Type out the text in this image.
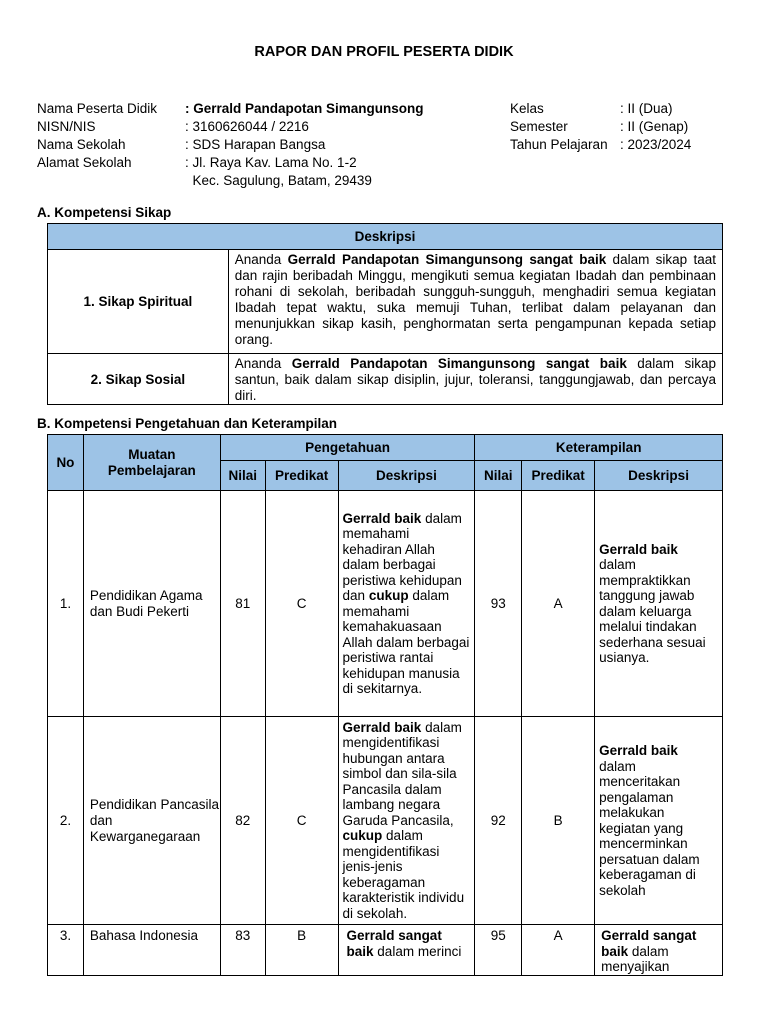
RAPOR DAN PROFIL PESERTA DIDIK
Nama Peserta Didik	: Gerrald Pandapotan Simangunsong
NISN/NIS	: 3160626044 / 2216
Nama Sekolah	: SDS Harapan Bangsa
Alamat Sekolah	: Jl. Raya Kav. Lama No. 1-2
Kec. Sagulung, Batam, 29439
Kelas	: II (Dua)
Semester	: II (Genap)
Tahun Pelajaran : 2023/2024
A. Kompetensi Sikap
Deskripsi	
1. Sikap Spiritual	Ananda Gerrald Pandapotan Simangunsong sangat baik dalam sikap taat dan rajin beribadah Minggu, mengikuti semua kegiatan Ibadah dan pembinaan rohani di sekolah, beribadah sungguh-sungguh, menghadiri semua kegiatan Ibadah tepat waktu, suka memuji Tuhan, terlibat dalam pelayanan dan menunjukkan sikap kasih, penghormatan serta pengampunan kepada setiap orang.
2. Sikap Sosial	Ananda Gerrald Pandapotan Simangunsong sangat baik dalam sikap santun, baik dalam sikap disiplin, jujur, toleransi, tanggungjawab, dan percaya diri.
B. Kompetensi Pengetahuan dan Keterampilan
No	Muatan Pembelajaran	Pengetahuan			Keterampilan		
		Nilai	Predikat	Deskripsi	Nilai	Predikat	Deskripsi
1.	Pendidikan Agama dan Budi Pekerti	81	C	Gerrald baik dalam memahami kehadiran Allah dalam berbagai peristiwa kehidupan dan cukup dalam memahami kemahakuasaan Allah dalam berbagai peristiwa rantai kehidupan manusia di sekitarnya.	93	A	Gerrald baik dalam mempraktikkan tanggung jawab dalam keluarga melalui tindakan sederhana sesuai usianya.
2.	Pendidikan Pancasila dan Kewarganegaraan	82	C	Gerrald baik dalam mengidentifikasi hubungan antara simbol dan sila-sila Pancasila dalam lambang negara Garuda Pancasila, cukup dalam mengidentifikasi jenis-jenis keberagaman karakteristik individu di sekolah.	92	B	Gerrald baik dalam menceritakan pengalaman melakukan kegiatan yang mencerminkan persatuan dalam keberagaman di sekolah
3.	Bahasa Indonesia	83	B	Gerrald sangat baik dalam merinci	95	A	Gerrald sangat baik dalam menyajikan
